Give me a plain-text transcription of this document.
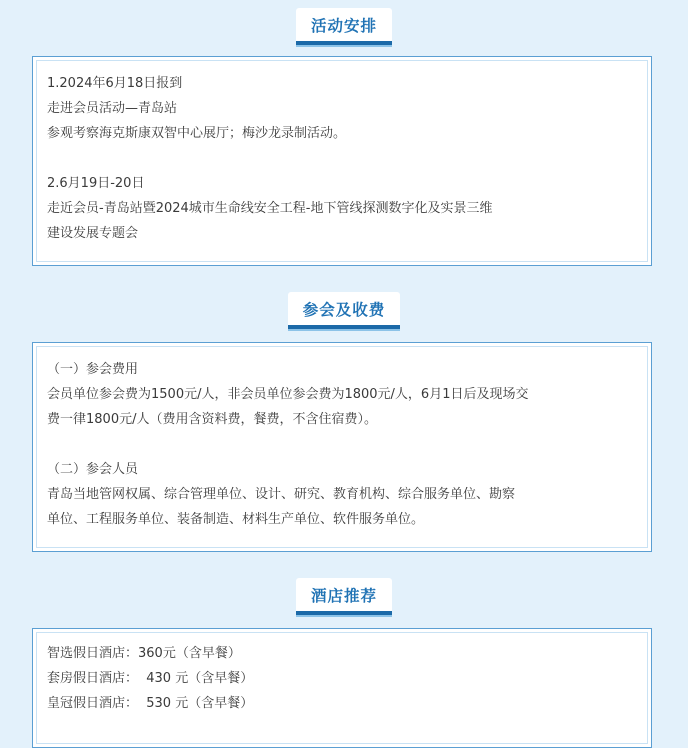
活动安排
1.2024年6月18日报到
走进会员活动—青岛站
参观考察海克斯康双智中心展厅；梅沙龙录制活动。
2.6月19日-20日
走近会员-青岛站暨2024城市生命线安全工程-地下管线探测数字化及实景三维
建设发展专题会
参会及收费
（一）参会费用
会员单位参会费为1500元/人，非会员单位参会费为1800元/人，6月1日后及现场交
费一律1800元/人（费用含资料费，餐费，不含住宿费）。
（二）参会人员
青岛当地管网权属、综合管理单位、设计、研究、教育机构、综合服务单位、勘察
单位、工程服务单位、装备制造、材料生产单位、软件服务单位。
酒店推荐
智选假日酒店：360元（含早餐）
套房假日酒店：  430 元（含早餐）
皇冠假日酒店：  530 元（含早餐）
